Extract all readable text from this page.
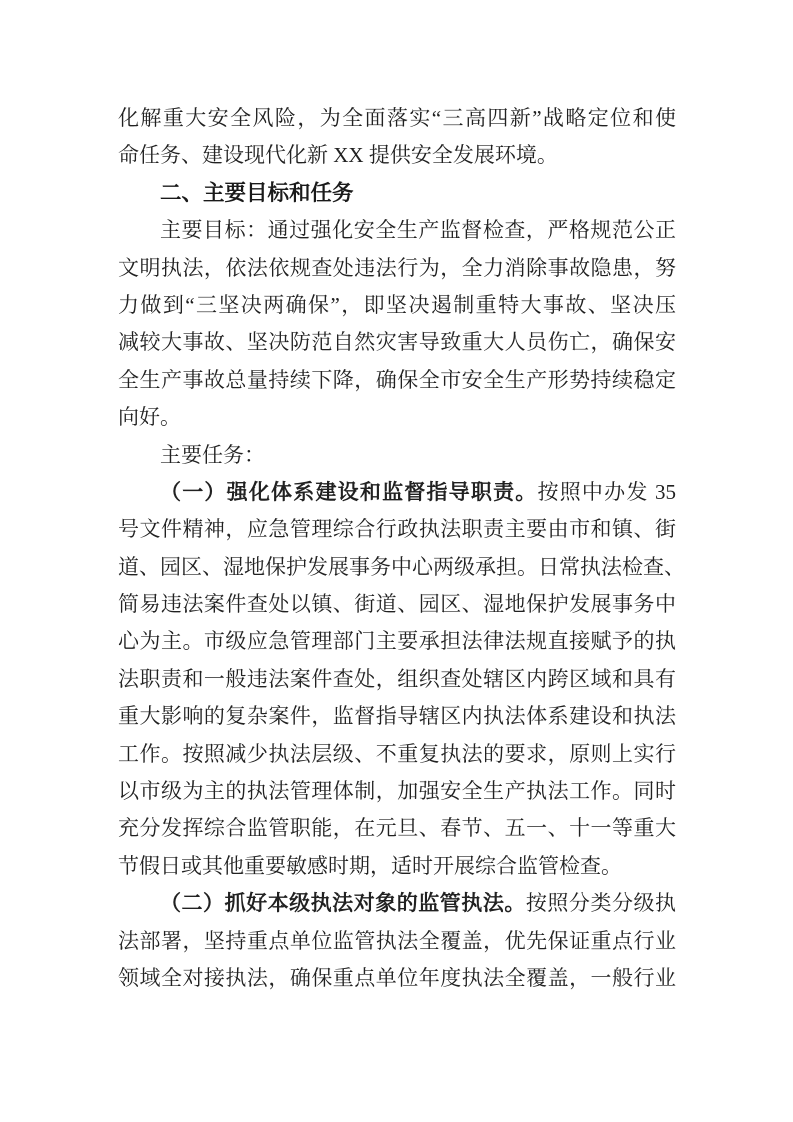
化解重大安全风险，为全面落实“三高四新”战略定位和使
命任务、建设现代化新 XX 提供安全发展环境。
二、主要目标和任务
主要目标：通过强化安全生产监督检查，严格规范公正
文明执法，依法依规查处违法行为，全力消除事故隐患，努
力做到“三坚决两确保”，即坚决遏制重特大事故、坚决压
减较大事故、坚决防范自然灾害导致重大人员伤亡，确保安
全生产事故总量持续下降，确保全市安全生产形势持续稳定
向好。
主要任务：
（一）强化体系建设和监督指导职责。按照中办发 35
号文件精神，应急管理综合行政执法职责主要由市和镇、街
道、园区、湿地保护发展事务中心两级承担。日常执法检查、
简易违法案件查处以镇、街道、园区、湿地保护发展事务中
心为主。市级应急管理部门主要承担法律法规直接赋予的执
法职责和一般违法案件查处，组织查处辖区内跨区域和具有
重大影响的复杂案件，监督指导辖区内执法体系建设和执法
工作。按照减少执法层级、不重复执法的要求，原则上实行
以市级为主的执法管理体制，加强安全生产执法工作。同时
充分发挥综合监管职能，在元旦、春节、五一、十一等重大
节假日或其他重要敏感时期，适时开展综合监管检查。
（二）抓好本级执法对象的监管执法。按照分类分级执
法部署，坚持重点单位监管执法全覆盖，优先保证重点行业
领域全对接执法，确保重点单位年度执法全覆盖，一般行业
